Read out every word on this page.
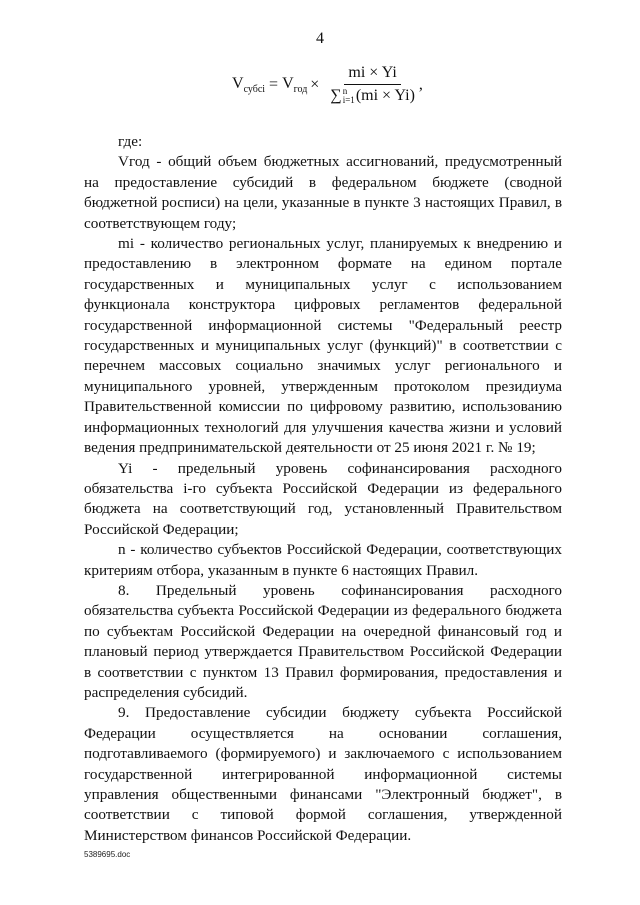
4
$V_{субсi} = V_{год}$ × mi × Yi
∑ n
i=1 (mi × Yi) ,

где:

Vгод - общий объем бюджетных ассигнований, предусмотренный на предоставление субсидий в федеральном бюджете (сводной бюджетной росписи) на цели, указанные в пункте 3 настоящих Правил, в соответствующем году;

mi - количество региональных услуг, планируемых к внедрению и предоставлению в электронном формате на едином портале государственных и муниципальных услуг с использованием функционала конструктора цифровых регламентов федеральной государственной информационной системы "Федеральный реестр государственных и муниципальных услуг (функций)" в соответствии с перечнем массовых социально значимых услуг регионального и муниципального уровней, утвержденным протоколом президиума Правительственной комиссии по цифровому развитию, использованию информационных технологий для улучшения качества жизни и условий ведения предпринимательской деятельности от 25 июня 2021 г. № 19;

Yi - предельный уровень софинансирования расходного обязательства i-го субъекта Российской Федерации из федерального бюджета на соответствующий год, установленный Правительством Российской Федерации;

n - количество субъектов Российской Федерации, соответствующих критериям отбора, указанным в пункте 6 настоящих Правил.

8. Предельный уровень софинансирования расходного обязательства субъекта Российской Федерации из федерального бюджета по субъектам Российской Федерации на очередной финансовый год и плановый период утверждается Правительством Российской Федерации в соответствии с пунктом 13 Правил формирования, предоставления и распределения субсидий.

9. Предоставление субсидии бюджету субъекта Российской Федерации осуществляется на основании соглашения, подготавливаемого (формируемого) и заключаемого с использованием государственной интегрированной информационной системы управления общественными финансами "Электронный бюджет", в соответствии с типовой формой соглашения, утвержденной Министерством финансов Российской Федерации.

5389695.doc
